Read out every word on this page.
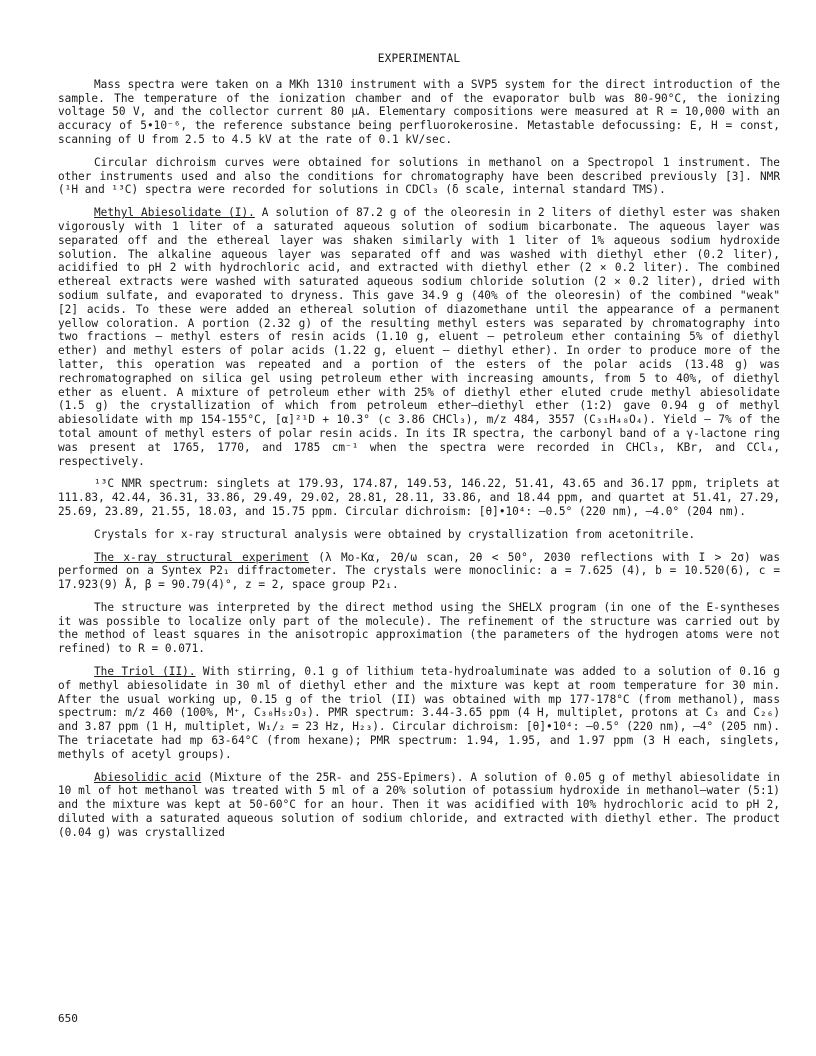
EXPERIMENTAL

Mass spectra were taken on a MKh 1310 instrument with a SVP5 system for the direct introduction of the sample. The temperature of the ionization chamber and of the evaporator bulb was 80-90°C, the ionizing voltage 50 V, and the collector current 80 μA. Elementary compositions were measured at R = 10,000 with an accuracy of 5•10⁻⁶, the reference substance being perfluorokerosine. Metastable defocussing: E, H = const, scanning of U from 2.5 to 4.5 kV at the rate of 0.1 kV/sec.

Circular dichroism curves were obtained for solutions in methanol on a Spectropol 1 instrument. The other instruments used and also the conditions for chromatography have been described previously [3]. NMR (¹H and ¹³C) spectra were recorded for solutions in CDCl₃ (δ scale, internal standard TMS).

Methyl Abiesolidate (I). A solution of 87.2 g of the oleoresin in 2 liters of diethyl ester was shaken vigorously with 1 liter of a saturated aqueous solution of sodium bicarbonate. The aqueous layer was separated off and the ethereal layer was shaken similarly with 1 liter of 1% aqueous sodium hydroxide solution. The alkaline aqueous layer was separated off and was washed with diethyl ether (0.2 liter), acidified to pH 2 with hydrochloric acid, and extracted with diethyl ether (2 × 0.2 liter). The combined ethereal extracts were washed with saturated aqueous sodium chloride solution (2 × 0.2 liter), dried with sodium sulfate, and evaporated to dryness. This gave 34.9 g (40% of the oleoresin) of the combined "weak" [2] acids. To these were added an ethereal solution of diazomethane until the appearance of a permanent yellow coloration. A portion (2.32 g) of the resulting methyl esters was separated by chromatography into two fractions — methyl esters of resin acids (1.10 g, eluent — petroleum ether containing 5% of diethyl ether) and methyl esters of polar acids (1.22 g, eluent — diethyl ether). In order to produce more of the latter, this operation was repeated and a portion of the esters of the polar acids (13.48 g) was rechromatographed on silica gel using petroleum ether with increasing amounts, from 5 to 40%, of diethyl ether as eluent. A mixture of petroleum ether with 25% of diethyl ether eluted crude methyl abiesolidate (1.5 g) the crystallization of which from petroleum ether—diethyl ether (1:2) gave 0.94 g of methyl abiesolidate with mp 154-155°C, [α]²¹D + 10.3° (c 3.86 CHCl₃), m/z 484, 3557 (C₃₁H₄₈O₄). Yield — 7% of the total amount of methyl esters of polar resin acids. In its IR spectra, the carbonyl band of a γ-lactone ring was present at 1765, 1770, and 1785 cm⁻¹ when the spectra were recorded in CHCl₃, KBr, and CCl₄, respectively.

¹³C NMR spectrum: singlets at 179.93, 174.87, 149.53, 146.22, 51.41, 43.65 and 36.17 ppm, triplets at 111.83, 42.44, 36.31, 33.86, 29.49, 29.02, 28.81, 28.11, 33.86, and 18.44 ppm, and quartet at 51.41, 27.29, 25.69, 23.89, 21.55, 18.03, and 15.75 ppm. Circular dichroism: [θ]•10⁴: —0.5° (220 nm), —4.0° (204 nm).

Crystals for x-ray structural analysis were obtained by crystallization from acetonitrile.

The x-ray structural experiment (λ Mo-Kα, 2θ/ω scan, 2θ < 50°, 2030 reflections with I > 2σ) was performed on a Syntex P2₁ diffractometer. The crystals were monoclinic: a = 7.625 (4), b = 10.520(6), c = 17.923(9) Å, β = 90.79(4)°, z = 2, space group P2₁.

The structure was interpreted by the direct method using the SHELX program (in one of the E-syntheses it was possible to localize only part of the molecule). The refinement of the structure was carried out by the method of least squares in the anisotropic approximation (the parameters of the hydrogen atoms were not refined) to R = 0.071.

The Triol (II). With stirring, 0.1 g of lithium teta-hydroaluminate was added to a solution of 0.16 g of methyl abiesolidate in 30 ml of diethyl ether and the mixture was kept at room temperature for 30 min. After the usual working up, 0.15 g of the triol (II) was obtained with mp 177-178°C (from methanol), mass spectrum: m/z 460 (100%, M⁺, C₃₀H₅₂O₃). PMR spectrum: 3.44-3.65 ppm (4 H, multiplet, protons at C₃ and C₂₆) and 3.87 ppm (1 H, multiplet, W₁/₂ = 23 Hz, H₂₃). Circular dichroism: [θ]•10⁴: —0.5° (220 nm), —4° (205 nm). The triacetate had mp 63-64°C (from hexane); PMR spectrum: 1.94, 1.95, and 1.97 ppm (3 H each, singlets, methyls of acetyl groups).

Abiesolidic acid (Mixture of the 25R- and 25S-Epimers). A solution of 0.05 g of methyl abiesolidate in 10 ml of hot methanol was treated with 5 ml of a 20% solution of potassium hydroxide in methanol—water (5:1) and the mixture was kept at 50-60°C for an hour. Then it was acidified with 10% hydrochloric acid to pH 2, diluted with a saturated aqueous solution of sodium chloride, and extracted with diethyl ether. The product (0.04 g) was crystallized

650
